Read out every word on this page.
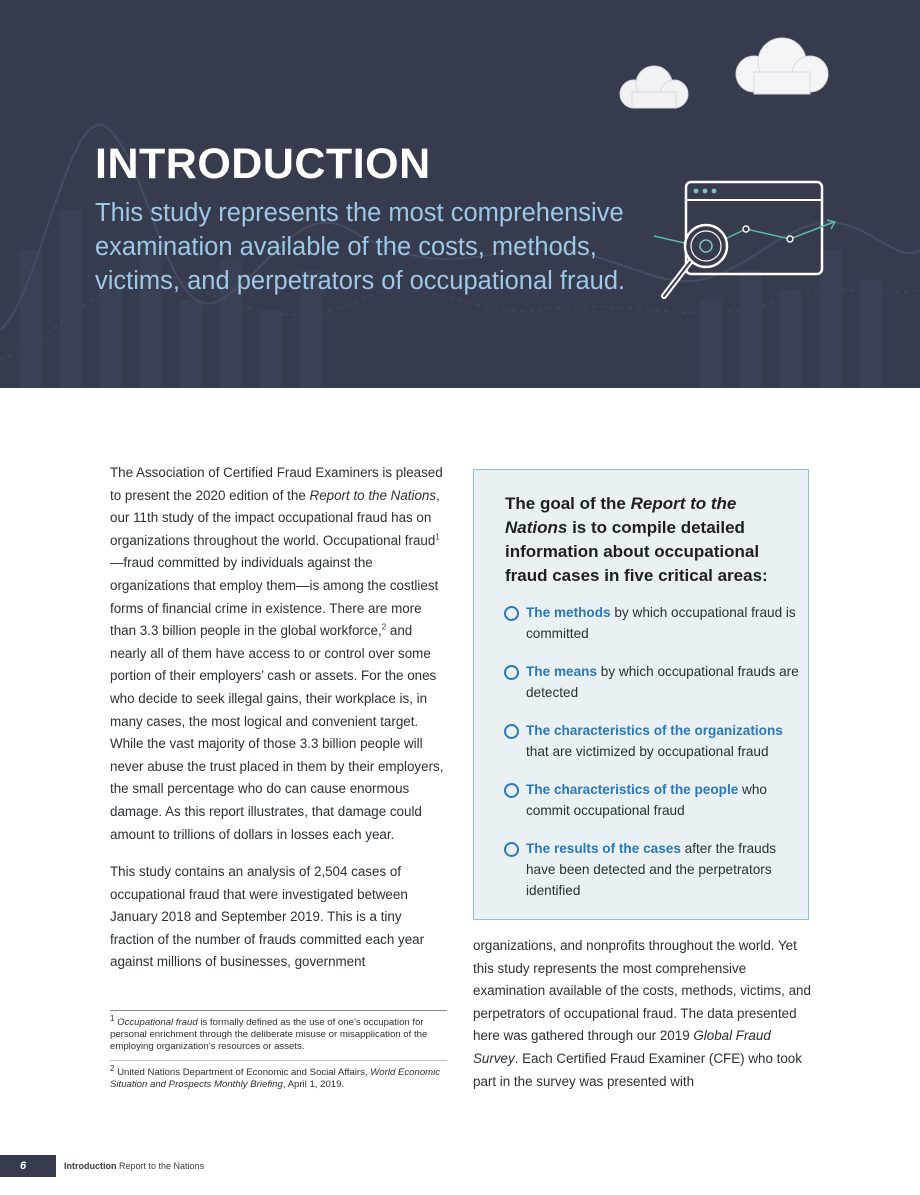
INTRODUCTION

This study represents the most comprehensive examination available of the costs, methods, victims, and perpetrators of occupational fraud.

The Association of Certified Fraud Examiners is pleased to present the 2020 edition of the Report to the Nations, our 11th study of the impact occupational fraud has on organizations throughout the world. Occupational fraud$^1$—fraud committed by individuals against the organizations that employ them—is among the costliest forms of financial crime in existence. There are more than 3.3 billion people in the global workforce,$^2$ and nearly all of them have access to or control over some portion of their employers’ cash or assets. For the ones who decide to seek illegal gains, their workplace is, in many cases, the most logical and convenient target. While the vast majority of those 3.3 billion people will never abuse the trust placed in them by their employers, the small percentage who do can cause enormous damage. As this report illustrates, that damage could amount to trillions of dollars in losses each year.

This study contains an analysis of 2,504 cases of occupational fraud that were investigated between January 2018 and September 2019. This is a tiny fraction of the number of frauds committed each year against millions of businesses, government

The goal of the Report to the Nations is to compile detailed information about occupational fraud cases in five critical areas:

The methods by which occupational fraud is committed
The means by which occupational frauds are detected
The characteristics of the organizations that are victimized by occupational fraud
The characteristics of the people who commit occupational fraud
The results of the cases after the frauds have been detected and the perpetrators identified

organizations, and nonprofits throughout the world. Yet this study represents the most comprehensive examination available of the costs, methods, victims, and perpetrators of occupational fraud. The data presented here was gathered through our 2019 Global Fraud Survey. Each Certified Fraud Examiner (CFE) who took part in the survey was presented with

$^1$ Occupational fraud is formally defined as the use of one’s occupation for personal enrichment through the deliberate misuse or misapplication of the employing organization’s resources or assets.

$^2$ United Nations Department of Economic and Social Affairs, World Economic Situation and Prospects Monthly Briefing, April 1, 2019.

6	Introduction Report to the Nations
